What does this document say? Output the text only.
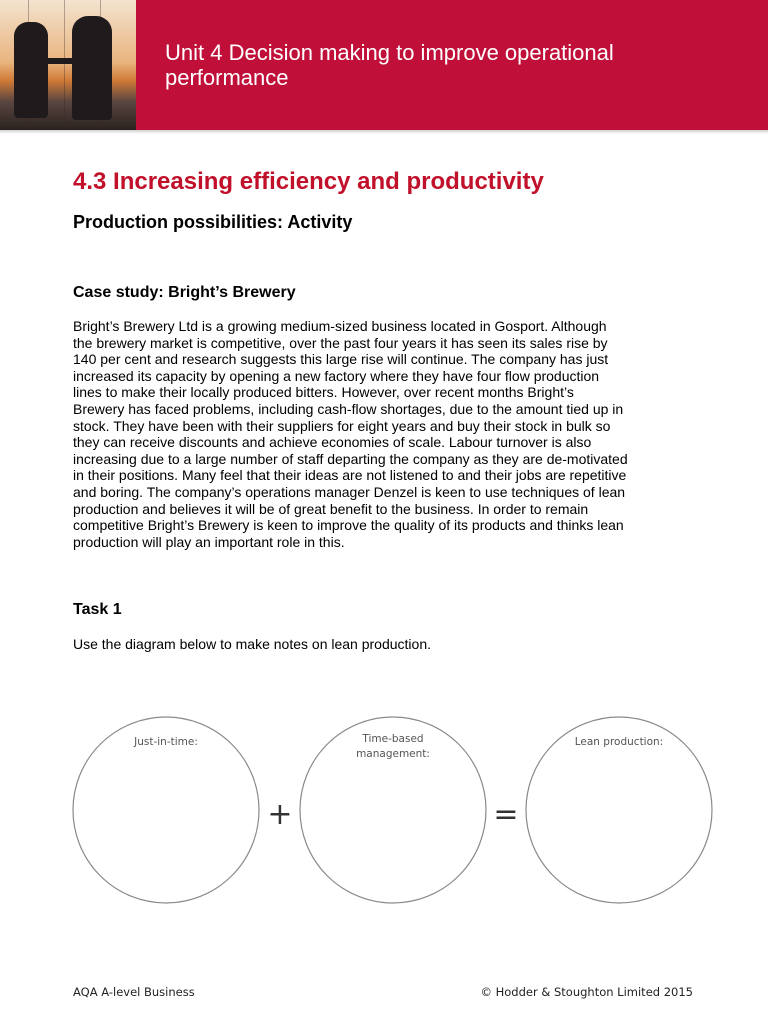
Unit 4 Decision making to improve operational
performance
4.3 Increasing efficiency and productivity
Production possibilities: Activity
Case study: Bright’s Brewery
Bright’s Brewery Ltd is a growing medium-sized business located in Gosport. Although
the brewery market is competitive, over the past four years it has seen its sales rise by
140 per cent and research suggests this large rise will continue. The company has just
increased its capacity by opening a new factory where they have four flow production
lines to make their locally produced bitters. However, over recent months Bright’s
Brewery has faced problems, including cash-flow shortages, due to the amount tied up in
stock. They have been with their suppliers for eight years and buy their stock in bulk so
they can receive discounts and achieve economies of scale. Labour turnover is also
increasing due to a large number of staff departing the company as they are de-motivated
in their positions. Many feel that their ideas are not listened to and their jobs are repetitive
and boring. The company’s operations manager Denzel is keen to use techniques of lean
production and believes it will be of great benefit to the business. In order to remain
competitive Bright’s Brewery is keen to improve the quality of its products and thinks lean
production will play an important role in this.
Task 1
Use the diagram below to make notes on lean production.
Just-in-time:	Time-based
management:
Lean production:
+	=
AQA A-level Business	© Hodder & Stoughton Limited 2015
